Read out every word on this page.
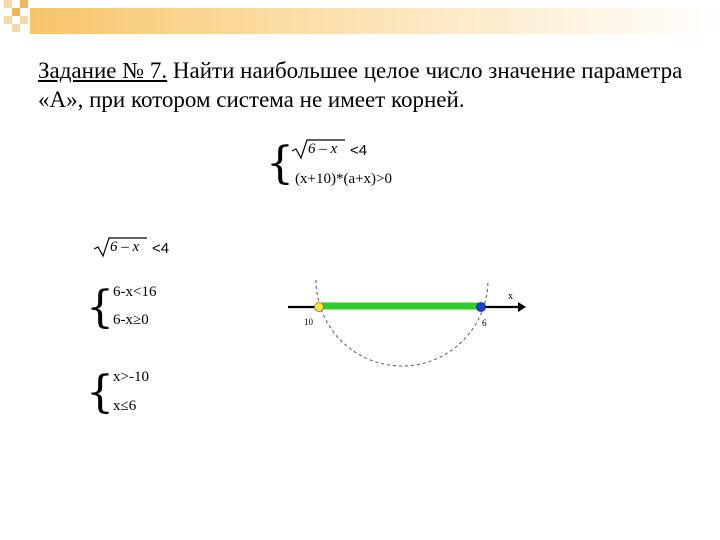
Задание № 7. Найти наибольшее целое число значение параметра «А», при котором система не имеет корней.
{ 6 – x <4
(x+10)*(a+x)>0
6 – x <4
{ 6-x<16
6-x≥0
{ x>-10
x≤6
x
10	6
